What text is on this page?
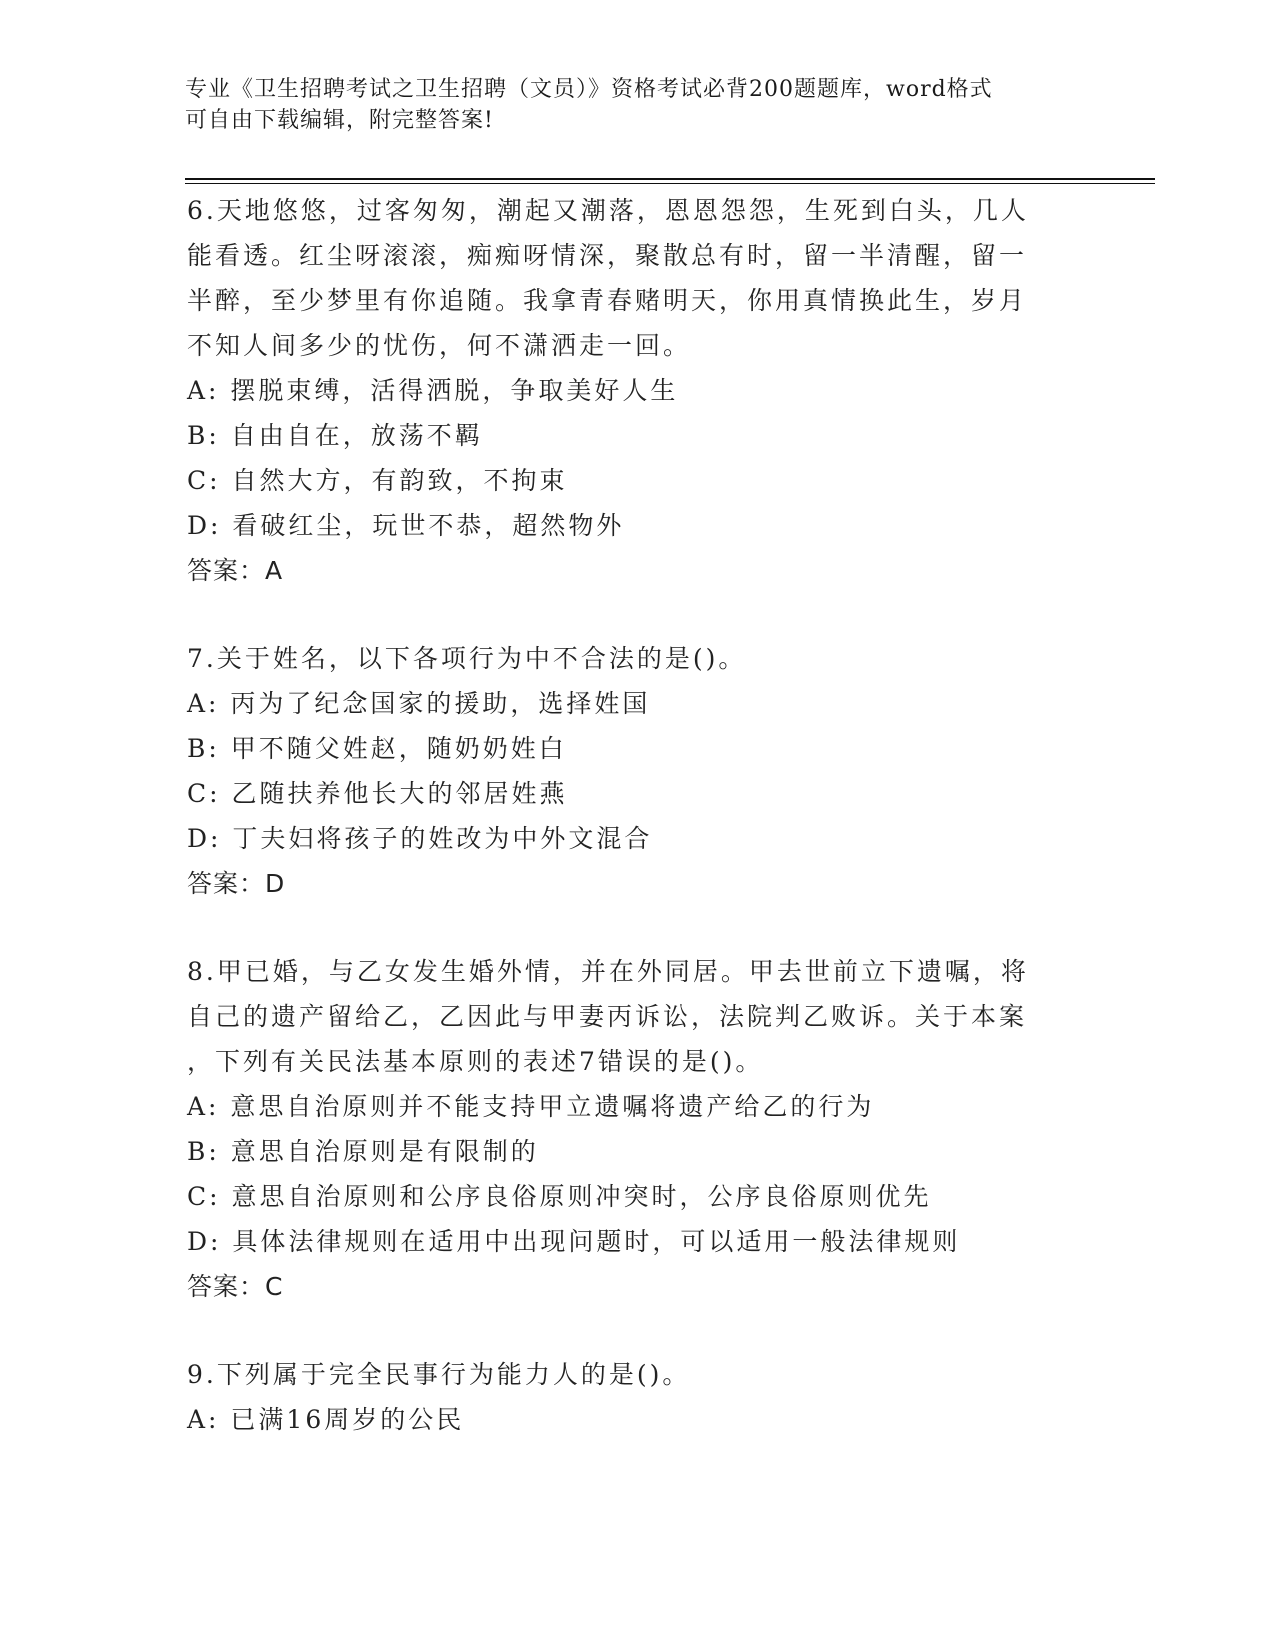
专业《卫生招聘考试之卫生招聘（文员）》资格考试必背200题题库，word格式
可自由下载编辑，附完整答案!

6.天地悠悠，过客匆匆，潮起又潮落，恩恩怨怨，生死到白头，几人

能看透。红尘呀滚滚，痴痴呀情深，聚散总有时，留一半清醒，留一

半醉，至少梦里有你追随。我拿青春赌明天，你用真情换此生，岁月

不知人间多少的忧伤，何不潇洒走一回。

A: 摆脱束缚，活得洒脱，争取美好人生

B: 自由自在，放荡不羁

C: 自然大方，有韵致，不拘束

D: 看破红尘，玩世不恭，超然物外

答案：A

7.关于姓名，以下各项行为中不合法的是()。

A: 丙为了纪念国家的援助，选择姓国

B: 甲不随父姓赵，随奶奶姓白

C: 乙随扶养他长大的邻居姓燕

D: 丁夫妇将孩子的姓改为中外文混合

答案：D

8.甲已婚，与乙女发生婚外情，并在外同居。甲去世前立下遗嘱，将

自己的遗产留给乙，乙因此与甲妻丙诉讼，法院判乙败诉。关于本案

，下列有关民法基本原则的表述7错误的是()。

A: 意思自治原则并不能支持甲立遗嘱将遗产给乙的行为

B: 意思自治原则是有限制的

C: 意思自治原则和公序良俗原则冲突时，公序良俗原则优先

D: 具体法律规则在适用中出现问题时，可以适用一般法律规则

答案：C

9.下列属于完全民事行为能力人的是()。

A: 已满16周岁的公民
